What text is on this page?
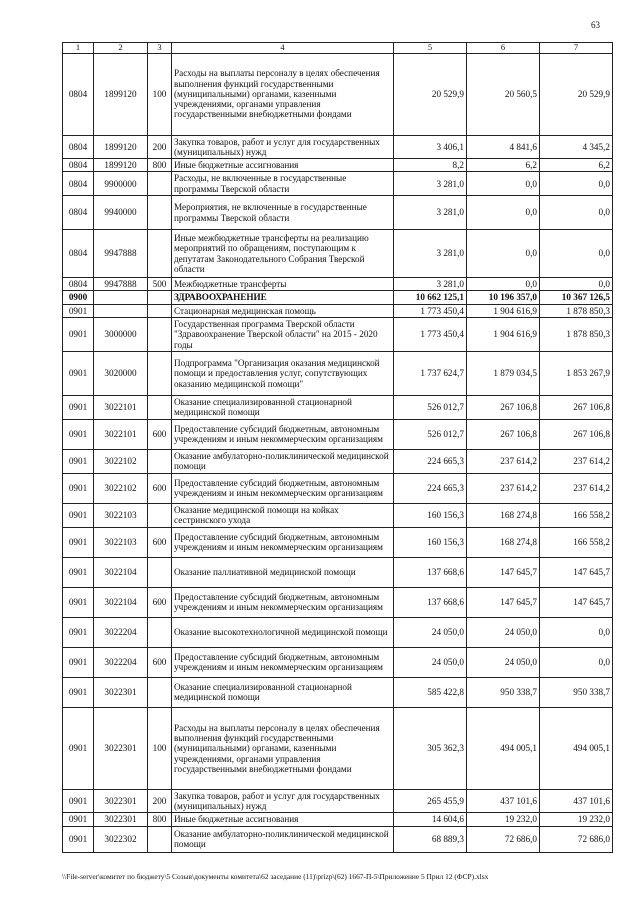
63
1	2	3	4	5	6	7
0804	1899120	100	Расходы на выплаты персоналу в целях обеспечения выполнения функций государственными (муниципальными) органами, казенными учреждениями, органами управления государственными внебюджетными фондами	20 529,9	20 560,5	20 529,9
0804	1899120	200	Закупка товаров, работ и услуг для государственных (муниципальных) нужд	3 406,1	4 841,6	4 345,2
0804	1899120	800	Иные бюджетные ассигнования	8,2	6,2	6,2
0804	9900000		Расходы, не включенные в государственные программы Тверской области	3 281,0	0,0	0,0
0804	9940000		Мероприятия, не включенные в государственные программы Тверской области	3 281,0	0,0	0,0
0804	9947888		Иные межбюджетные трансферты на реализацию мероприятий по обращениям, поступающим к депутатам Законодательного Собрания Тверской области	3 281,0	0,0	0,0
0804	9947888	500	Межбюджетные трансферты	3 281,0	0,0	0,0
0900			ЗДРАВООХРАНЕНИЕ	10 662 125,1	10 196 357,0	10 367 126,5
0901			Стационарная медицинская помощь	1 773 450,4	1 904 616,9	1 878 850,3
0901	3000000		Государственная программа Тверской области "Здравоохранение Тверской области" на 2015 - 2020 годы	1 773 450,4	1 904 616,9	1 878 850,3
0901	3020000		Подпрограмма "Организация оказания медицинской помощи и предоставления услуг, сопутствующих оказанию медицинской помощи"	1 737 624,7	1 879 034,5	1 853 267,9
0901	3022101		Оказание специализированной стационарной медицинской помощи	526 012,7	267 106,8	267 106,8
0901	3022101	600	Предоставление субсидий бюджетным, автономным учреждениям и иным некоммерческим организациям	526 012,7	267 106,8	267 106,8
0901	3022102		Оказание амбулаторно-поликлинической медицинской помощи	224 665,3	237 614,2	237 614,2
0901	3022102	600	Предоставление субсидий бюджетным, автономным учреждениям и иным некоммерческим организациям	224 665,3	237 614,2	237 614,2
0901	3022103		Оказание медицинской помощи на койках сестринского ухода	160 156,3	168 274,8	166 558,2
0901	3022103	600	Предоставление субсидий бюджетным, автономным учреждениям и иным некоммерческим организациям	160 156,3	168 274,8	166 558,2
0901	3022104		Оказание паллиативной медицинской помощи	137 668,6	147 645,7	147 645,7
0901	3022104	600	Предоставление субсидий бюджетным, автономным учреждениям и иным некоммерческим организациям	137 668,6	147 645,7	147 645,7
0901	3022204		Оказание высокотехнологичной медицинской помощи	24 050,0	24 050,0	0,0
0901	3022204	600	Предоставление субсидий бюджетным, автономным учреждениям и иным некоммерческим организациям	24 050,0	24 050,0	0,0
0901	3022301		Оказание специализированной стационарной медицинской помощи	585 422,8	950 338,7	950 338,7
0901	3022301	100	Расходы на выплаты персоналу в целях обеспечения выполнения функций государственными (муниципальными) органами, казенными учреждениями, органами управления государственными внебюджетными фондами	305 362,3	494 005,1	494 005,1
0901	3022301	200	Закупка товаров, работ и услуг для государственных (муниципальных) нужд	265 455,9	437 101,6	437 101,6
0901	3022301	800	Иные бюджетные ассигнования	14 604,6	19 232,0	19 232,0
0901	3022302		Оказание амбулаторно-поликлинической медицинской помощи	68 889,3	72 686,0	72 686,0
\\File-server\комитет по бюджету\5 Созыв\документы комитета\62 заседание (11)\prizp\(62) 1667-П-5\Приложение 5 Прил 12 (ФСР).xlsx
